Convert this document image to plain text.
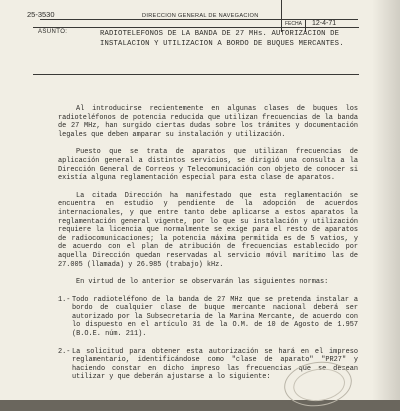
25-3530	DIRECCION GENERAL DE NAVEGACION
FECHA 12-4-71
ASUNTO:	RADIOTELEFONOS DE LA BANDA DE 27 MHs. AUTORIZACION DE INSTALACION Y UTILIZACION A BORDO DE BUQUES MERCANTES.

Al introducirse recientemente en algunas clases de buques los radioteléfonos de potencia reducida que utilizan frecuencias de la banda de 27 MHz, han surgido ciertas dudas sobre los trámites y documentación legales que deben amparar su instalación y utilización.

Puesto que se trata de aparatos que utilizan frecuencias de aplicación general a distintos servicios, se dirigió una consulta a la Dirección General de Correos y Telecomunicación con objeto de conocer si existía alguna reglamentación especial para esta clase de aparatos.

La citada Dirección ha manifestado que esta reglamentación se encuentra en estudio y pendiente de la adopción de acuerdos internacionales, y que entre tanto debe aplicarse a estos aparatos la reglamentación general vigente, por lo que su instalación y utilización requiere la licencia que normalmente se exige para el resto de aparatos de radiocomunicaciones; la potencia máxima permitida es de 5 vatios, y de acuerdo con el plan de atribución de frecuencias establecido por aquella Dirección quedan reservadas al servicio móvil marítimo las de 27.005 (llamada) y 26.985 (trabajo) kHz.

En virtud de lo anterior se observarán las siguientes normas:

1.- Todo radioteléfono de la banda de 27 MHz que se pretenda instalar a bordo de cualquier clase de buque mercante nacional deberá ser autorizado por la Subsecretaría de la Marina Mercante, de acuerdo con lo dispuesto en el artículo 31 de la O.M. de 10 de Agosto de 1.957 (B.O.E. núm. 211).
2.- La solicitud para obtener esta autorización se hará en el impreso reglamentario, identificándose como "clase de aparato" "PR27" y haciendo constar en dicho impreso las frecuencias que se desean utilizar y que deberán ajustarse a lo siguiente:
